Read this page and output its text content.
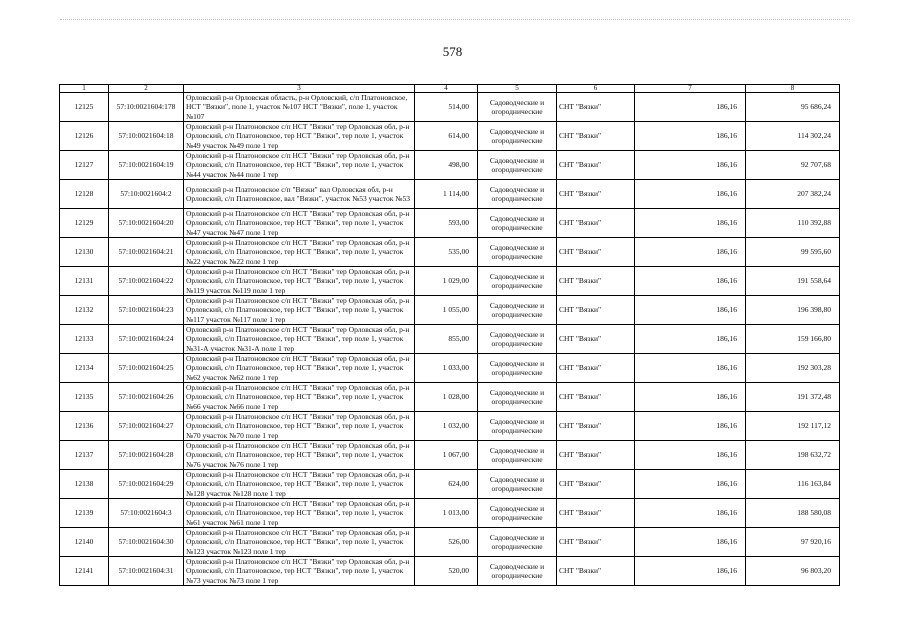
578
1	2	3	4	5	6	7	8
12125	57:10:0021604:178	Орловский р-н Орловская область, р-н Орловский, с/п Платоновское, НСТ "Вязки", поле 1, участок №107 НСТ "Вязки", поле 1, участок №107	514,00	Садоводческие и огороднические	СНТ "Вязки"	186,16	95 686,24
12126	57:10:0021604:18	Орловский р-н Платоновское с/п НСТ "Вязки" тер Орловская обл, р-н Орловский, с/п Платоновское, тер НСТ "Вязки", тер поле 1, участок №49 участок №49 поле 1 тер	614,00	Садоводческие и огороднические	СНТ "Вязки"	186,16	114 302,24
12127	57:10:0021604:19	Орловский р-н Платоновское с/п НСТ "Вязки" тер Орловская обл, р-н Орловский, с/п Платоновское, тер НСТ "Вязки", тер поле 1, участок №44 участок №44 поле 1 тер	498,00	Садоводческие и огороднические	СНТ "Вязки"	186,16	92 707,68
12128	57:10:0021604:2	Орловский р-н Платоновское с/п "Вязки" вал Орловская обл, р-н Орловский, с/п Платоновское, вал "Вязки", участок №53 участок №53	1 114,00	Садоводческие и огороднические	СНТ "Вязки"	186,16	207 382,24
12129	57:10:0021604:20	Орловский р-н Платоновское с/п НСТ "Вязки" тер Орловская обл, р-н Орловский, с/п Платоновское, тер НСТ "Вязки", тер поле 1, участок №47 участок №47 поле 1 тер	593,00	Садоводческие и огороднические	СНТ "Вязки"	186,16	110 392,88
12130	57:10:0021604:21	Орловский р-н Платоновское с/п НСТ "Вязки" тер Орловская обл, р-н Орловский, с/п Платоновское, тер НСТ "Вязки", тер поле 1, участок №22 участок №22 поле 1 тер	535,00	Садоводческие и огороднические	СНТ "Вязки"	186,16	99 595,60
12131	57:10:0021604:22	Орловский р-н Платоновское с/п НСТ "Вязки" тер Орловская обл, р-н Орловский, с/п Платоновское, тер НСТ "Вязки", тер поле 1, участок №119 участок №119 поле 1 тер	1 029,00	Садоводческие и огороднические	СНТ "Вязки"	186,16	191 558,64
12132	57:10:0021604:23	Орловский р-н Платоновское с/п НСТ "Вязки" тер Орловская обл, р-н Орловский, с/п Платоновское, тер НСТ "Вязки", тер поле 1, участок №117 участок №117 поле 1 тер	1 055,00	Садоводческие и огороднические	СНТ "Вязки"	186,16	196 398,80
12133	57:10:0021604:24	Орловский р-н Платоновское с/п НСТ "Вязки" тер Орловская обл, р-н Орловский, с/п Платоновское, тер НСТ "Вязки", тер поле 1, участок №31-А участок №31-А поле 1 тер	855,00	Садоводческие и огороднические	СНТ "Вязки"	186,16	159 166,80
12134	57:10:0021604:25	Орловский р-н Платоновское с/п НСТ "Вязки" тер Орловская обл, р-н Орловский, с/п Платоновское, тер НСТ "Вязки", тер поле 1, участок №62 участок №62 поле 1 тер	1 033,00	Садоводческие и огороднические	СНТ "Вязки"	186,16	192 303,28
12135	57:10:0021604:26	Орловский р-н Платоновское с/п НСТ "Вязки" тер Орловская обл, р-н Орловский, с/п Платоновское, тер НСТ "Вязки", тер поле 1, участок №66 участок №66 поле 1 тер	1 028,00	Садоводческие и огороднические	СНТ "Вязки"	186,16	191 372,48
12136	57:10:0021604:27	Орловский р-н Платоновское с/п НСТ "Вязки" тер Орловская обл, р-н Орловский, с/п Платоновское, тер НСТ "Вязки", тер поле 1, участок №70 участок №70 поле 1 тер	1 032,00	Садоводческие и огороднические	СНТ "Вязки"	186,16	192 117,12
12137	57:10:0021604:28	Орловский р-н Платоновское с/п НСТ "Вязки" тер Орловская обл, р-н Орловский, с/п Платоновское, тер НСТ "Вязки", тер поле 1, участок №76 участок №76 поле 1 тер	1 067,00	Садоводческие и огороднические	СНТ "Вязки"	186,16	198 632,72
12138	57:10:0021604:29	Орловский р-н Платоновское с/п НСТ "Вязки" тер Орловская обл, р-н Орловский, с/п Платоновское, тер НСТ "Вязки", тер поле 1, участок №128 участок №128 поле 1 тер	624,00	Садоводческие и огороднические	СНТ "Вязки"	186,16	116 163,84
12139	57:10:0021604:3	Орловский р-н Платоновское с/п НСТ "Вязки" тер Орловская обл, р-н Орловский, с/п Платоновское, тер НСТ "Вязки", тер поле 1, участок №61 участок №61 поле 1 тер	1 013,00	Садоводческие и огороднические	СНТ "Вязки"	186,16	188 580,08
12140	57:10:0021604:30	Орловский р-н Платоновское с/п НСТ "Вязки" тер Орловская обл, р-н Орловский, с/п Платоновское, тер НСТ "Вязки", тер поле 1, участок №123 участок №123 поле 1 тер	526,00	Садоводческие и огороднические	СНТ "Вязки"	186,16	97 920,16
12141	57:10:0021604:31	Орловский р-н Платоновское с/п НСТ "Вязки" тер Орловская обл, р-н Орловский, с/п Платоновское, тер НСТ "Вязки", тер поле 1, участок №73 участок №73 поле 1 тер	520,00	Садоводческие и огороднические	СНТ "Вязки"	186,16	96 803,20
